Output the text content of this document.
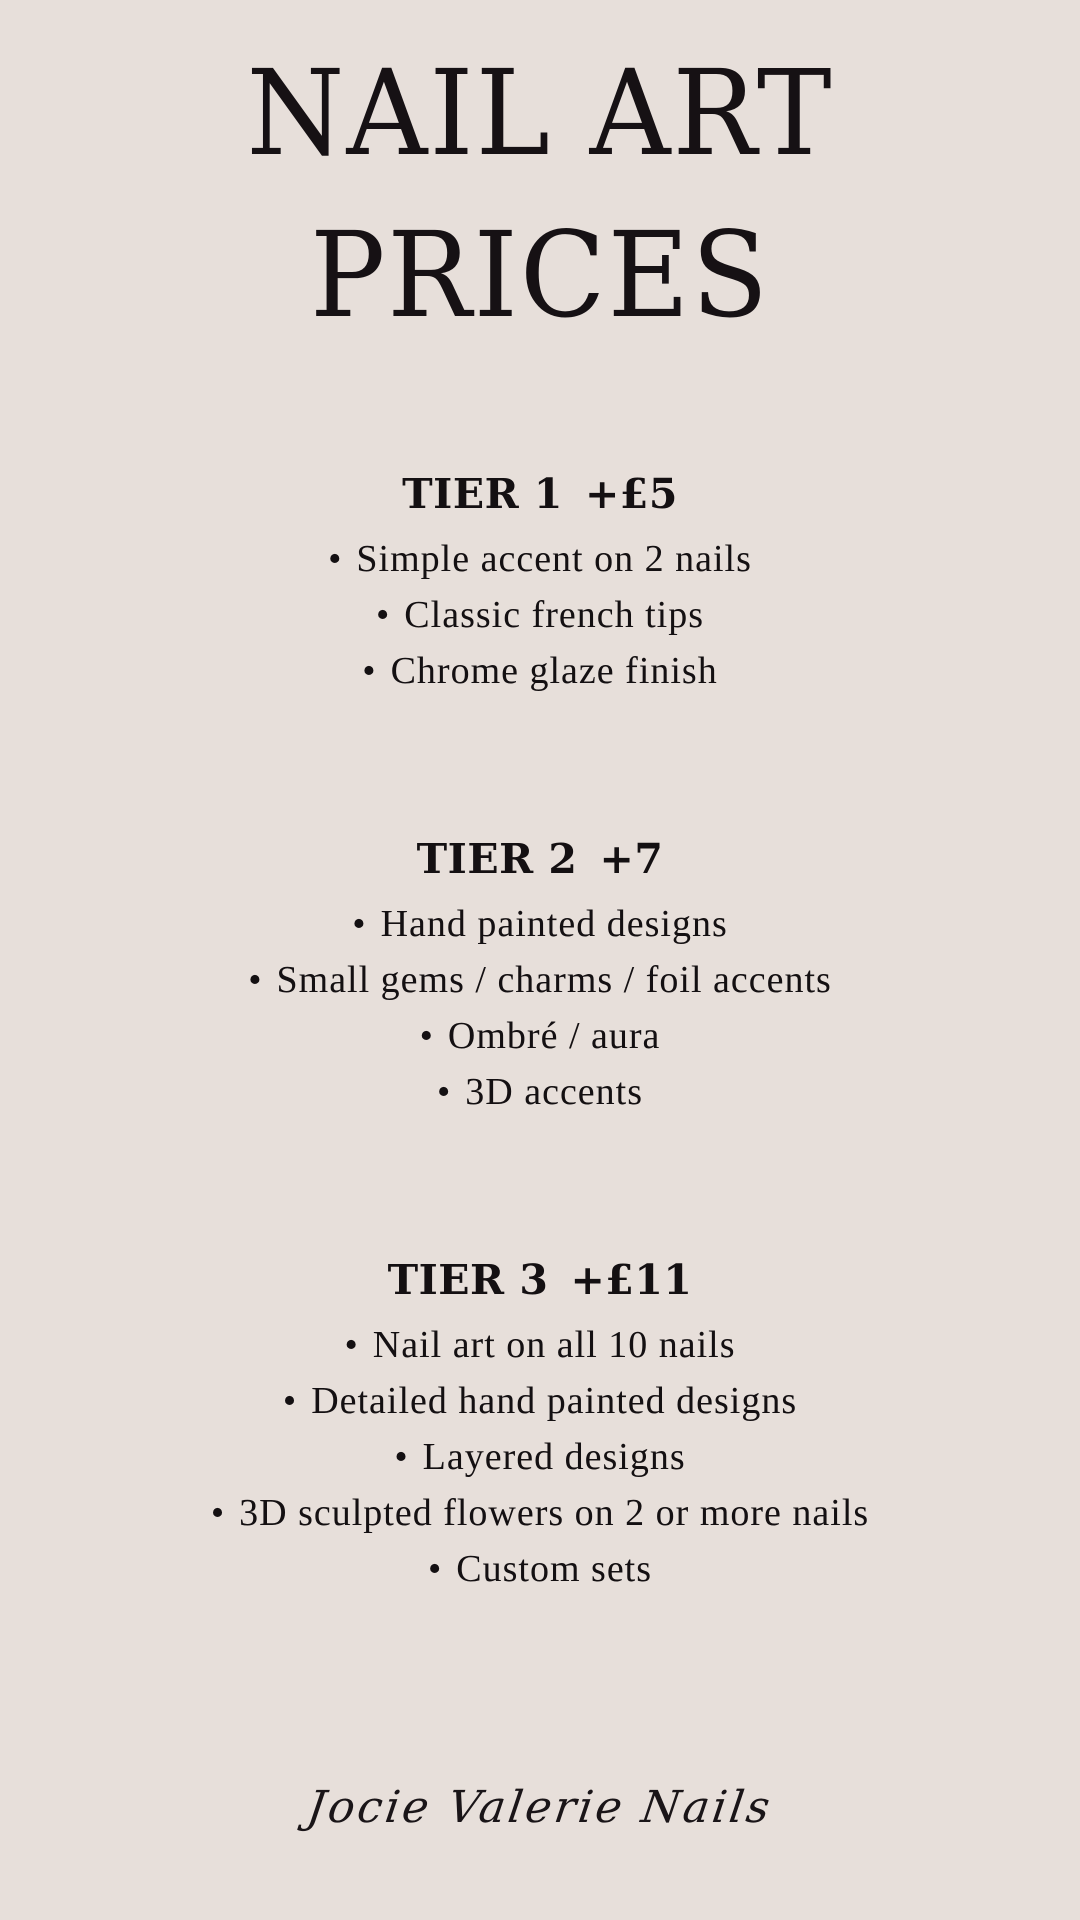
NAIL ART
PRICES
TIER 1 +£5
• Simple accent on 2 nails
• Classic french tips
• Chrome glaze finish
TIER 2 +7
• Hand painted designs
• Small gems / charms / foil accents
• Ombré / aura
• 3D accents
TIER 3 +£11
• Nail art on all 10 nails
• Detailed hand painted designs
• Layered designs
• 3D sculpted flowers on 2 or more nails
• Custom sets
Jocie Valerie Nails
